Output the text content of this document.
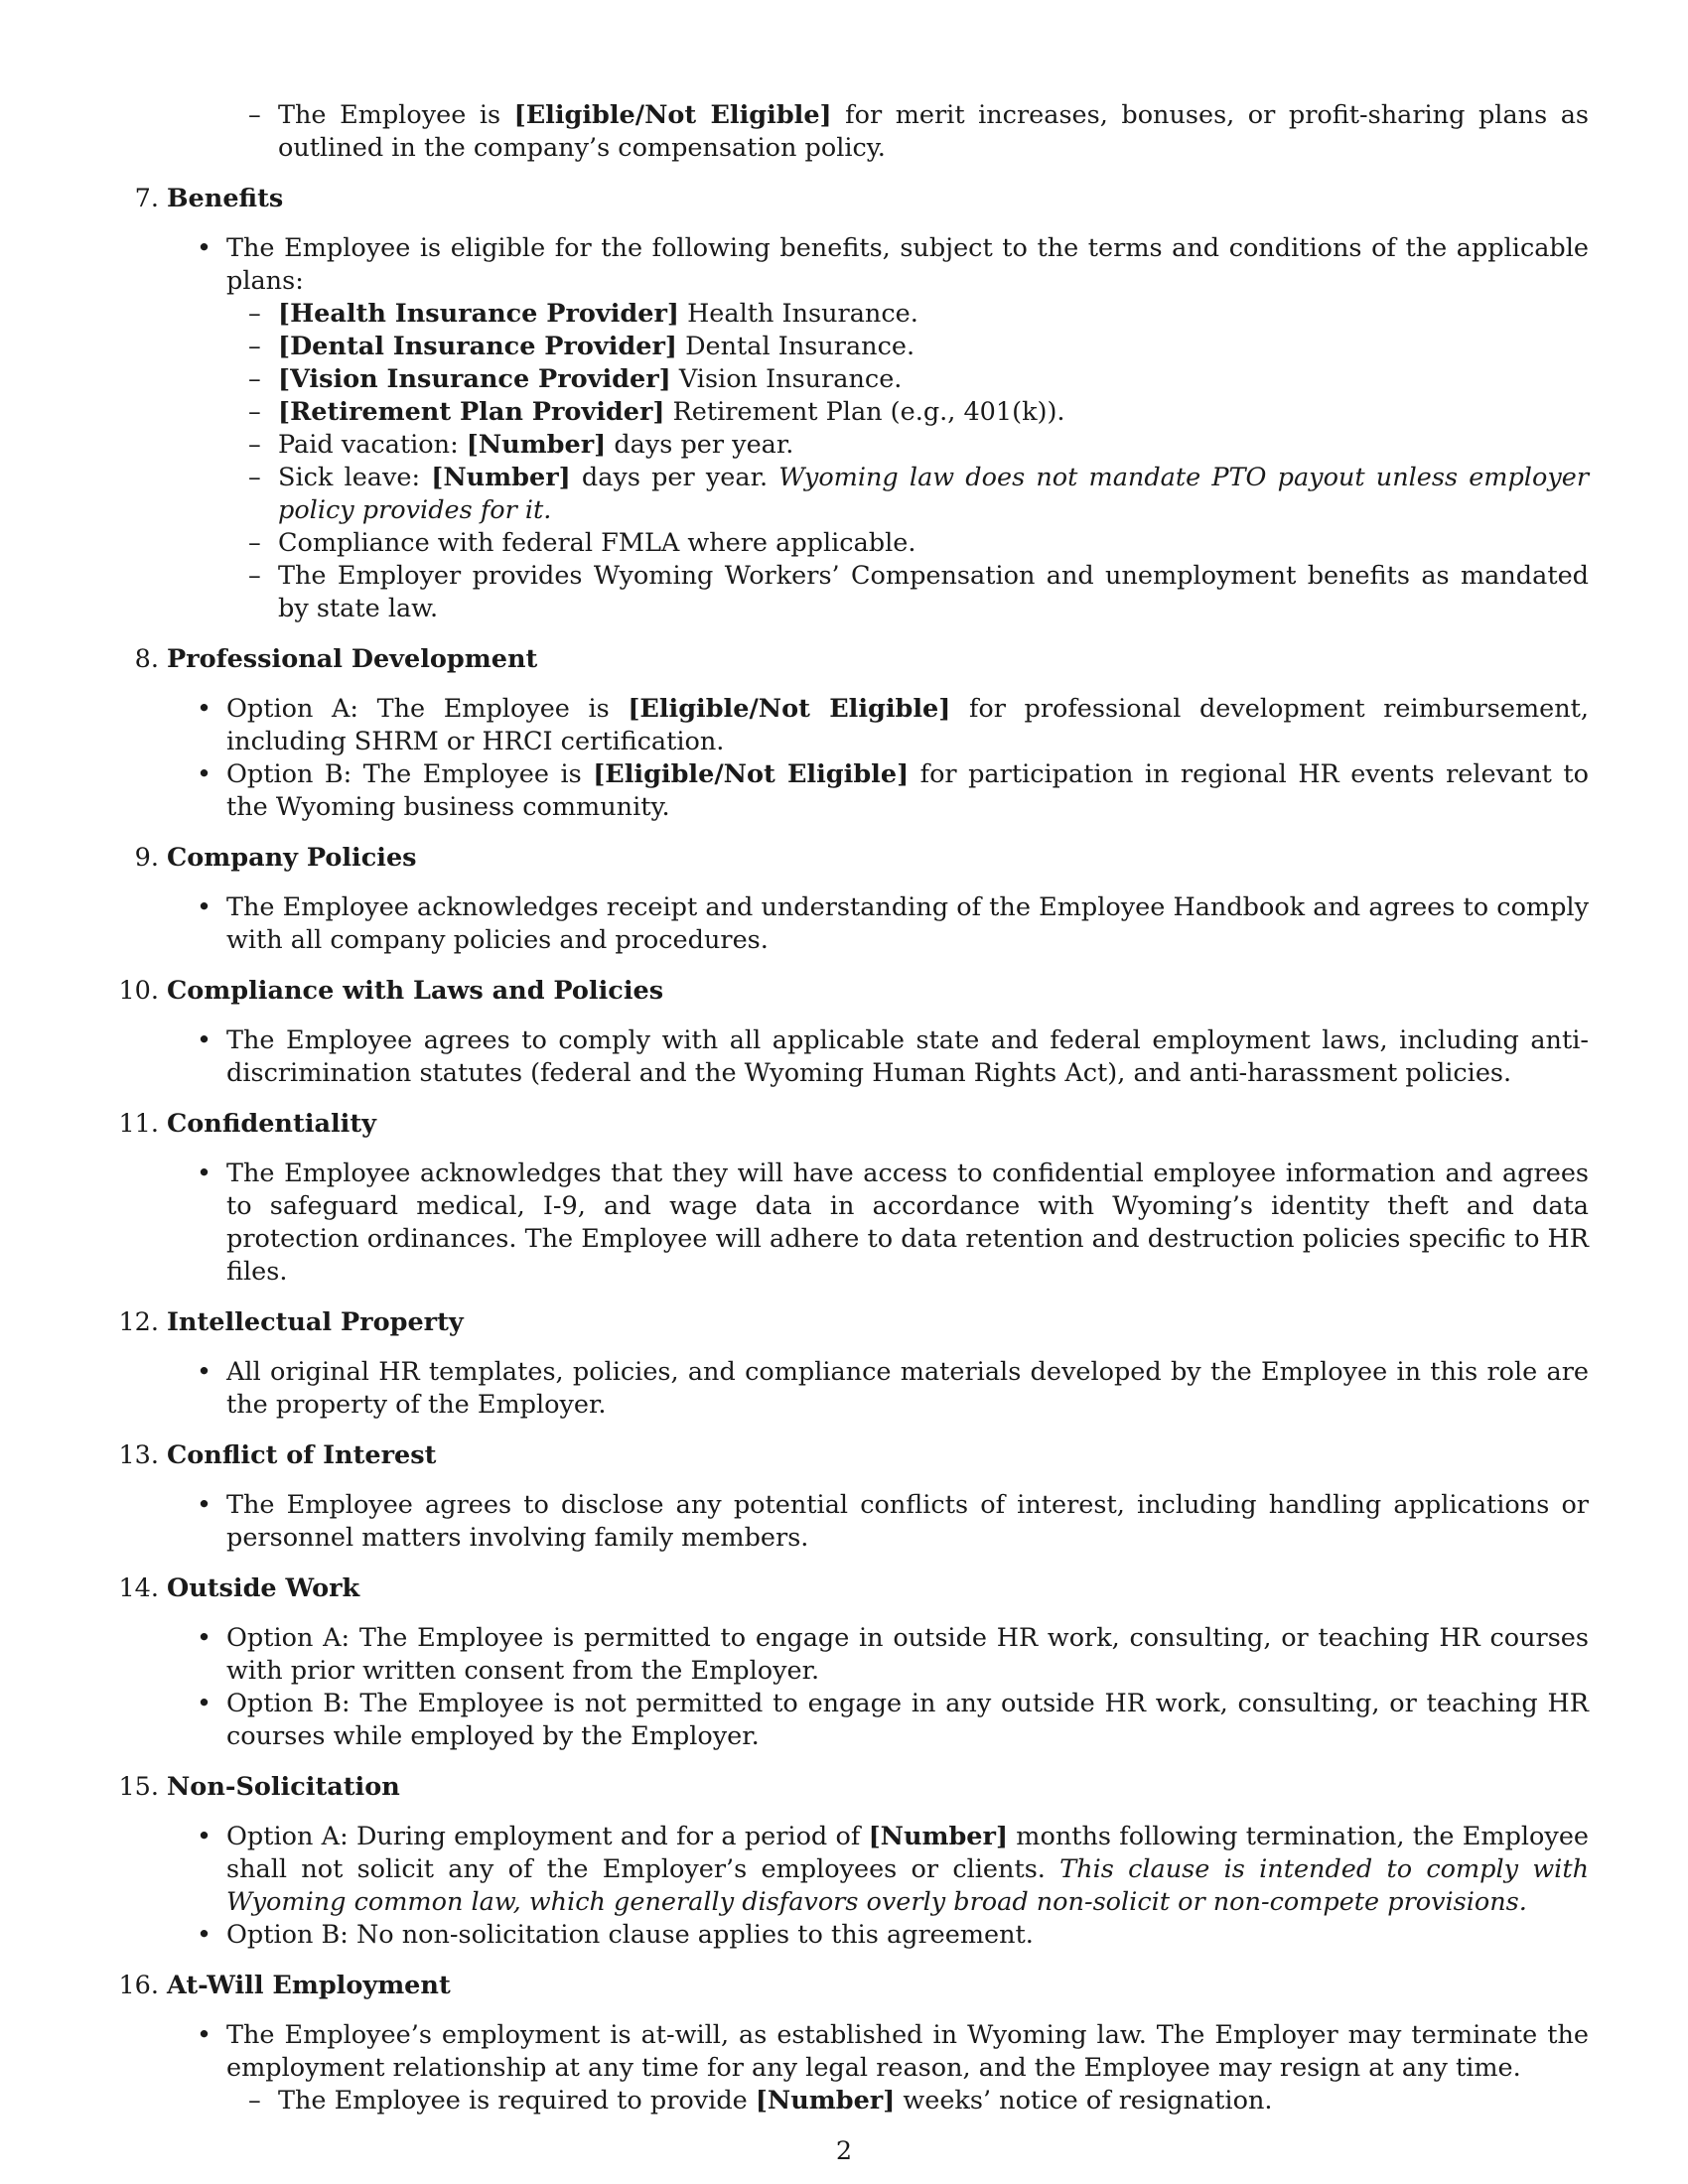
– The Employee is [Eligible/Not Eligible] for merit increases, bonuses, or profit-sharing plans as outlined in the company’s compensation policy.
7. Benefits
• The Employee is eligible for the following benefits, subject to the terms and conditions of the applicable plans:
– [Health Insurance Provider] Health Insurance.
– [Dental Insurance Provider] Dental Insurance.
– [Vision Insurance Provider] Vision Insurance.
– [Retirement Plan Provider] Retirement Plan (e.g., 401(k)).
– Paid vacation: [Number] days per year.
– Sick leave: [Number] days per year. Wyoming law does not mandate PTO payout unless employer policy provides for it.
– Compliance with federal FMLA where applicable.
– The Employer provides Wyoming Workers’ Compensation and unemployment benefits as mandated by state law.
8. Professional Development
• Option A: The Employee is [Eligible/Not Eligible] for professional development reimbursement, including SHRM or HRCI certification.
• Option B: The Employee is [Eligible/Not Eligible] for participation in regional HR events relevant to the Wyoming business community.
9. Company Policies
• The Employee acknowledges receipt and understanding of the Employee Handbook and agrees to comply with all company policies and procedures.
10. Compliance with Laws and Policies
• The Employee agrees to comply with all applicable state and federal employment laws, including anti-discrimination statutes (federal and the Wyoming Human Rights Act), and anti-harassment policies.
11. Confidentiality
• The Employee acknowledges that they will have access to confidential employee information and agrees to safeguard medical, I-9, and wage data in accordance with Wyoming’s identity theft and data protection ordinances. The Employee will adhere to data retention and destruction policies specific to HR files.
12. Intellectual Property
• All original HR templates, policies, and compliance materials developed by the Employee in this role are the property of the Employer.
13. Conflict of Interest
• The Employee agrees to disclose any potential conflicts of interest, including handling applications or personnel matters involving family members.
14. Outside Work
• Option A: The Employee is permitted to engage in outside HR work, consulting, or teaching HR courses with prior written consent from the Employer.
• Option B: The Employee is not permitted to engage in any outside HR work, consulting, or teaching HR courses while employed by the Employer.
15. Non-Solicitation
• Option A: During employment and for a period of [Number] months following termination, the Employee shall not solicit any of the Employer’s employees or clients. This clause is intended to comply with Wyoming common law, which generally disfavors overly broad non-solicit or non-compete provisions.
• Option B: No non-solicitation clause applies to this agreement.
16. At-Will Employment
• The Employee’s employment is at-will, as established in Wyoming law. The Employer may terminate the employment relationship at any time for any legal reason, and the Employee may resign at any time.
– The Employee is required to provide [Number] weeks’ notice of resignation.
2
